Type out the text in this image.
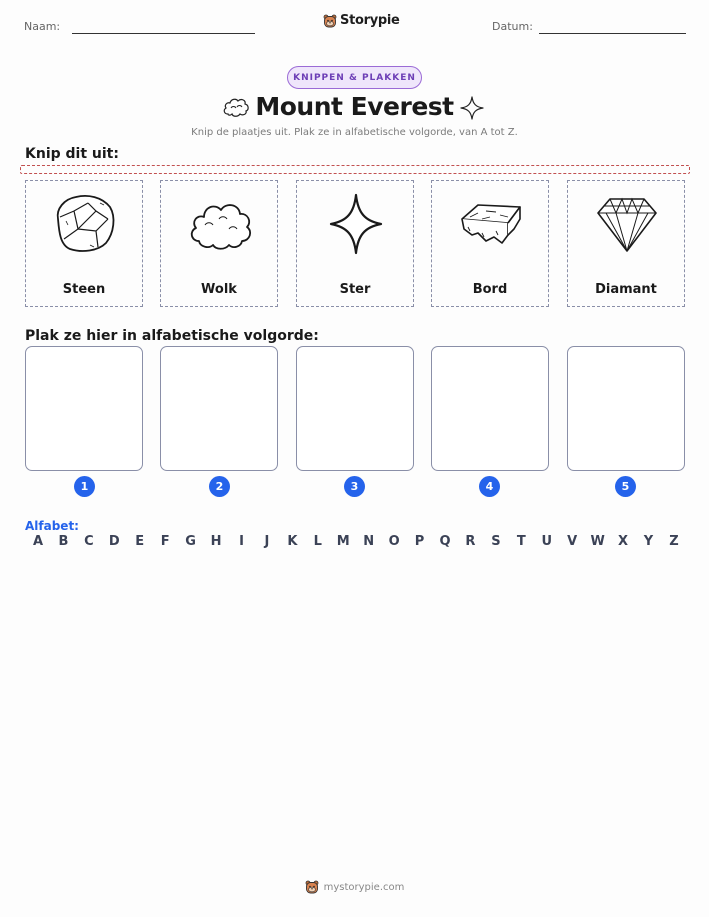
Naam:	Storypie	Datum:
KNIPPEN & PLAKKEN
Mount Everest
Knip de plaatjes uit. Plak ze in alfabetische volgorde, van A tot Z.
Knip dit uit:
Steen	Wolk	Ster	Bord	Diamant
Plak ze hier in alfabetische volgorde:
1	2	3	4	5
Alfabet:
A B C D E F G H	I	J	K L M N O P Q R S T U V W X Y Z
mystorypie.com
